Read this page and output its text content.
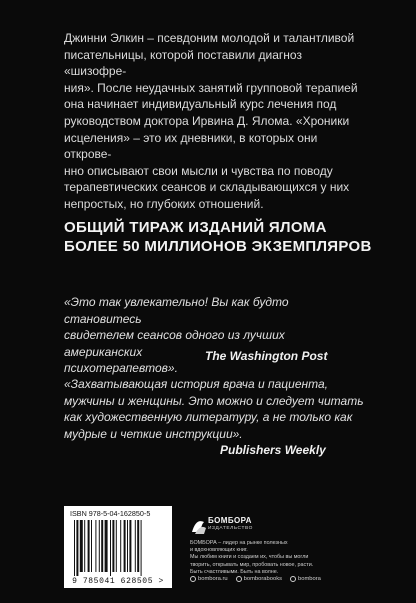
Джинни Элкин – псевдоним молодой и талантливой
писательницы, которой поставили диагноз «шизофре-
ния». После неудачных занятий групповой терапией
она начинает индивидуальный курс лечения под
руководством доктора Ирвина Д. Ялома. «Хроники
исцеления» – это их дневники, в которых они открове-
нно описывают свои мысли и чувства по поводу
терапевтических сеансов и складывающихся у них
непростых, но глубоких отношений.
ОБЩИЙ ТИРАЖ ИЗДАНИЙ ЯЛОМА
БОЛЕЕ 50 МИЛЛИОНОВ ЭКЗЕМПЛЯРОВ
«Это так увлекательно! Вы как будто становитесь
свидетелем сеансов одного из лучших американских
психотерапевтов».
The Washington Post
«Захватывающая история врача и пациента,
мужчины и женщины. Это можно и следует читать
как художественную литературу, а не только как
мудрые и четкие инструкции».
Publishers Weekly
ISBN 978-5-04-162850-5
9 785041 628505 >
БОМБОРА
ИЗДАТЕЛЬСТВО
БОМБОРА – лидер на рынке полезных
и вдохновляющих книг.
Мы любим книги и создаем их, чтобы вы могли
творить, открывать мир, пробовать новое, расти.
Быть счастливыми. Быть на волне.
bombora.ru	bomborabooks	bombora
